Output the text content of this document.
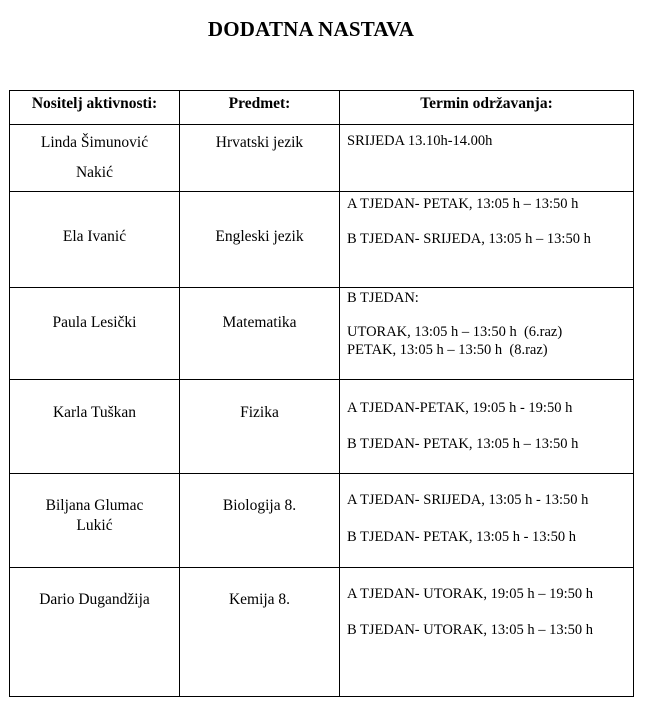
DODATNA NASTAVA
Nositelj aktivnosti:	Predmet:	Termin održavanja:

Linda Šimunović
Nakić	Hrvatski jezik	SRIJEDA 13.10h-14.00h

Ela Ivanić	Engleski jezik	A TJEDAN- PETAK, 13:05 h – 13:50 h
B TJEDAN- SRIJEDA, 13:05 h – 13:50 h

Paula Lesički	Matematika	B TJEDAN:
UTORAK, 13:05 h – 13:50 h  (6.raz)
PETAK, 13:05 h – 13:50 h  (8.raz)

Karla Tuškan	Fizika	A TJEDAN-PETAK, 19:05 h - 19:50 h
B TJEDAN- PETAK, 13:05 h – 13:50 h

Biljana Glumac
Lukić	Biologija 8.	A TJEDAN- SRIJEDA, 13:05 h - 13:50 h
B TJEDAN- PETAK, 13:05 h - 13:50 h

Dario Dugandžija	Kemija 8.	A TJEDAN- UTORAK, 19:05 h – 19:50 h
B TJEDAN- UTORAK, 13:05 h – 13:50 h
